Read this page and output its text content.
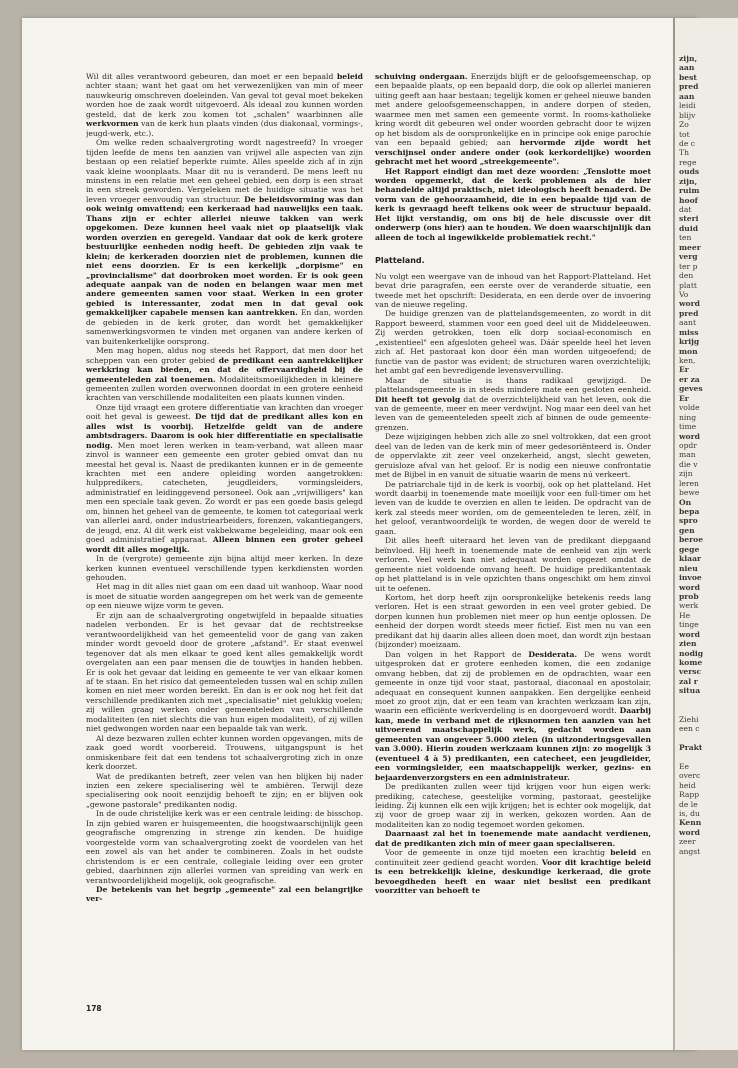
Wil dit alles verantwoord gebeuren, dan moet er een bepaald beleid achter staan; want het gaat om het verwezenlijken van min of meer nauwkeurig omschreven doeleinden. Van geval tot geval moet bekeken worden hoe de zaak wordt uitgevoerd. Als ideaal zou kunnen worden gesteld, dat de kerk zou komen tot „schalen" waarbinnen alle werkvormen van de kerk hun plaats vinden (dus diakonaal, vormings-, jeugd-werk, etc.).

Om welke reden schaalvergroting wordt nagestreefd? In vroeger tijden leefde de mens ten aanzien van vrijwel alle aspecten van zijn bestaan op een relatief beperkte ruimte. Alles speelde zich af in zijn vaak kleine woonplaats. Maar dit nu is veranderd. De mens leeft nu minstens in een relatie met een geheel gebied, een dorp is een straat in een streek geworden. Vergeleken met de huidige situatie was het leven vroeger eenvoudig van structuur. De beleidsvorming was dan ook weinig omvattend; een kerkeraad had nauwelijks een taak. Thans zijn er echter allerlei nieuwe takken van werk opgekomen. Deze kunnen heel vaak niet op plaatselijk vlak worden overzien en geregeld. Vandaar dat ook de kerk grotere bestuurlijke eenheden nodig heeft. De gebieden zijn vaak te klein; de kerkeraden doorzien niet de problemen, kunnen die niet eens doorzien. Er is een kerkelijk „dorpisme" en „provincialisme" dat doorbroken moet worden. Er is ook geen adequate aanpak van de noden en belangen waar men met andere gemeenten samen voor staat. Werken in een groter gebied is interessanter, zodat men in dat geval ook gemakkelijker capabele mensen kan aantrekken. En dan, worden de gebieden in de kerk groter, dan wordt het gemakkelijker samenwerkingsvormen te vinden met organen van andere kerken of van buitenkerkelijke oorsprong.

Men mag hopen, aldus nog steeds het Rapport, dat men door het scheppen van een groter gebied de predikant een aantrekkelijker werkkring kan bieden, en dat de offervaardigheid bij de gemeenteleden zal toenemen. Modaliteitsmoeilijkheden in kleinere gemeenten zullen worden overwonnen doordat in een grotere eenheid krachten van verschillende modaliteiten een plaats kunnen vinden.

Onze tijd vraagt een grotere differentiatie van krachten dan vroeger ooit het geval is geweest. De tijd dat de predikant alles kon en alles wist is voorbij. Hetzelfde geldt van de andere ambtsdragers. Daarom is ook hier differentiatie en specialisatie nodig. Men moet leren werken in team-verband, wat alleen maar zinvol is wanneer een gemeente een groter gebied omvat dan nu meestal het geval is. Naast de predikanten kunnen er in de gemeente krachten met een andere opleiding worden aangetrokken: hulppredikers, catecheten, jeugdleiders, vormingsleiders, administratief en leidinggevend personeel. Ook aan „vrijwilligers" kan men een speciale taak geven. Zo wordt er pas een goede basis gelegd om, binnen het geheel van de gemeente, te komen tot categoriaal werk van allerlei aard, onder industriearbeiders, forenzen, vakantiegangers, de jeugd, enz. Al dit werk eist vakbekwame begeleiding, maar ook een goed administratief apparaat. Alleen binnen een groter geheel wordt dit alles mogelijk.

In de (vergrote) gemeente zijn bijna altijd meer kerken. In deze kerken kunnen eventueel verschillende typen kerkdiensten worden gehouden.

Het mag in dit alles niet gaan om een daad uit wanhoop. Waar nood is moet de situatie worden aangegrepen om het werk van de gemeente op een nieuwe wijze vorm te geven.

Er zijn aan de schaalvergroting ongetwijfeld in bepaalde situaties nadelen verbonden. Er is het gevaar dat de rechtstreekse verantwoordelijkheid van het gemeentelid voor de gang van zaken minder wordt gevoeld door de grotere „afstand". Er staat evenwel tegenover dat als men elkaar te goed kent alles gemakkelijk wordt overgelaten aan een paar mensen die de touwtjes in handen hebben. Er is ook het gevaar dat leiding en gemeente te ver van elkaar komen af te staan. En het risico dat gemeenteleden tussen wal en schip zullen komen en niet meer worden bereikt. En dan is er ook nog het feit dat verschillende predikanten zich met „specialisatie" niet gelukkig voelen; zij willen graag werken onder gemeenteleden van verschillende modaliteiten (en niet slechts die van hun eigen modaliteit), of zij willen niet gedwongen worden naar een bepaalde tak van werk.

Al deze bezwaren zullen echter kunnen worden opgevangen, mits de zaak goed wordt voorbereid. Trouwens, uitgangspunt is het onmiskenbare feit dat een tendens tot schaalvergroting zich in onze kerk doorzet.

Wat de predikanten betreft, zeer velen van hen blijken bij nader inzien een zekere specialisering wèl te ambiëren. Terwijl deze specialisering ook nooit eenzijdig behoeft te zijn; en er blijven ook „gewone pastorale" predikanten nodig.

In de oude christelijke kerk was er een centrale leiding: de bisschop. In zijn gebied waren er huisgemeenten, die hoogstwaarschijnlijk geen geografische omgrenzing in strenge zin kenden. De huidige voorgestelde vorm van schaalvergroting zoekt de voordelen van het een zowel als van het ander te combineren. Zoals in het oudste christendom is er een centrale, collegiale leiding over een groter gebied, daarbinnen zijn allerlei vormen van spreiding van werk en verantwoordelijkheid mogelijk, ook geografische.

De betekenis van het begrip „gemeente" zal een belangrijke ver-

schuiving ondergaan. Enerzijds blijft er de geloofsgemeenschap, op een bepaalde plaats, op een bepaald dorp, die ook op allerlei manieren uiting geeft aan haar bestaan; tegelijk komen er geheel nieuwe banden met andere geloofsgemeenschappen, in andere dorpen of steden, waarmee men met samen een gemeente vormt. In rooms-katholieke kring wordt dit gebeuren wel onder woorden gebracht door te wijzen op het bisdom als de oorspronkelijke en in principe ook enige parochie van een bepaald gebied; aan hervormde zijde wordt het verschijnsel onder andere onder (ook kerkordelijke) woorden gebracht met het woord „streekgemeente".

Het Rapport eindigt dan met deze woorden: „Tenslotte moet worden opgemerkt, dat de kerk problemen als de hier behandelde altijd praktisch, niet ideologisch heeft benaderd. De vorm van de gehoorzaamheid, die in een bepaalde tijd van de kerk is gevraagd heeft telkens ook weer de structuur bepaald. Het lijkt verstandig, om ons bij de hele discussie over dit onderwerp (ons hier) aan te houden. We doen waarschijnlijk dan alleen de toch al ingewikkelde problematiek recht."

Platteland.

Nu volgt een weergave van de inhoud van het Rapport-Platteland. Het bevat drie paragrafen, een eerste over de veranderde situatie, een tweede met het opschrift: Desiderata, en een derde over de invoering van de nieuwe regeling.

De huidige grenzen van de plattelandsgemeenten, zo wordt in dit Rapport beweerd, stammen voor een goed deel uit de Middeleeuwen. Zij werden getrokken, toen elk dorp sociaal-economisch en „existentieel" een afgesloten geheel was. Dáár speelde heel het leven zich af. Het pastoraat kon door één man worden uitgeoefend; de functie van de pastor was evident; de structuren waren overzichtelijk; het ambt gaf een bevredigende levensvervulling.

Maar de situatie is thans radikaal gewijzigd. De plattelandsgemeente is in steeds mindere mate een gesloten eenheid. Dit heeft tot gevolg dat de overzichtelijkheid van het leven, ook die van de gemeente, meer en meer verdwijnt. Nog maar een deel van het leven van de gemeenteleden speelt zich af binnen de oude gemeente-grenzen.

Deze wijzigingen hebben zich alle zo snel voltrokken, dat een groot deel van de leden van de kerk min of meer gedesoriënteerd is. Onder de oppervlakte zit zeer veel onzekerheid, angst, slecht geweten, geruisloze afval van het geloof. Er is nodig een nieuwe confrontatie met de Bijbel in en vanuit de situatie waarin de mens nú verkeert.

De patriarchale tijd in de kerk is voorbij, ook op het platteland. Het wordt daarbij in toenemende mate moeilijk voor een full-timer om het leven van de kudde te overzien en allen te leiden. De opdracht van de kerk zal steeds meer worden, om de gemeenteleden te leren, zèlf, in het geloof, verantwoordelijk te worden, de wegen door de wereld te gaan.

Dit alles heeft uiteraard het leven van de predikant diepgaand beïnvloed. Hij heeft in toenemende mate de eenheid van zijn werk verloren. Veel werk kan niet adequaat worden opgezet omdat de gemeente niet voldoende omvang heeft. De huidige predikantentaak op het platteland is in vele opzichten thans ongeschikt om hem zinvol uit te oefenen.

Kortom, het dorp heeft zijn oorspronkelijke betekenis reeds lang verloren. Het is een straat geworden in een veel groter gebied. De dorpen kunnen hun problemen niet meer op hun eentje oplossen. De eenheid der dorpen wordt steeds meer fictief. Eist men nu van een predikant dat hij daarin alles alleen doen moet, dan wordt zijn bestaan (bijzonder) moeizaam.

Dan volgen in het Rapport de Desiderata. De wens wordt uitgesproken dat er grotere eenheden komen, die een zodanige omvang hebben, dat zij de problemen en de opdrachten, waar een gemeente in onze tijd voor staat, pastoraal, diaconaal en apostolair, adequaat en consequent kunnen aanpakken. Een dergelijke eenheid moet zo groot zijn, dat er een team van krachten werkzaam kan zijn, waarin een efficiënte werkverdeling is en doorgevoerd wordt. Daarbij kan, mede in verband met de rijksnormen ten aanzien van het uitvoerend maatschappelijk werk, gedacht worden aan gemeenten van ongeveer 5.000 zielen (in uitzonderingsgevallen van 3.000). Hierin zouden werkzaam kunnen zijn: zo mogelijk 3 (eventueel 4 à 5) predikanten, een catecheet, een jeugdleider, een vormingsleider, een maatschappelijk werker, gezins- en bejaardenverzorgsters en een administrateur.

De predikanten zullen weer tijd krijgen voor hun eigen werk: prediking, catechese, geestelijke vorming, pastoraat, geestelijke leiding. Zij kunnen elk een wijk krijgen; het is echter ook mogelijk, dat zij voor de groep waar zij in werken, gekozen worden. Aan de modaliteiten kan zo nodig tegemoet worden gekomen.

Daarnaast zal het in toenemende mate aandacht verdienen, dat de predikanten zich min of meer gaan specialiseren.

Voor de gemeente in onze tijd moeten een krachtig beleid en continuïteit zeer gediend geacht worden. Voor dit krachtige beleid is een betrekkelijk kleine, deskundige kerkeraad, die grote bevoegdheden heeft en waar niet beslist een predikant voorzitter van behoeft te

178
zijn,
aan
best
pred
aan
leidi
blijv
Zo
tot
de c
Th
rege
ouds
zijn,
ruim
hoof
dat
steri
duid
ten
meer
verg
ter p
den
platt
Vo
word
pred
aant
miss
krijg
mon
ken,
Er
er za
geves
Er
volde
ning
time
word
opdr
man
die v
zijn
leren
bewe
On
bepa
spro
gen
beroe
gege
klaar
nieu
invoe
word
prob
werk
He
tinge
word
zien
nodig
kome
versc
zal r
situa
Ziehi
een c
Prakt
Ee
overc
heid
Rapp
de le
is, du
Kenn
word
zeer
angst
